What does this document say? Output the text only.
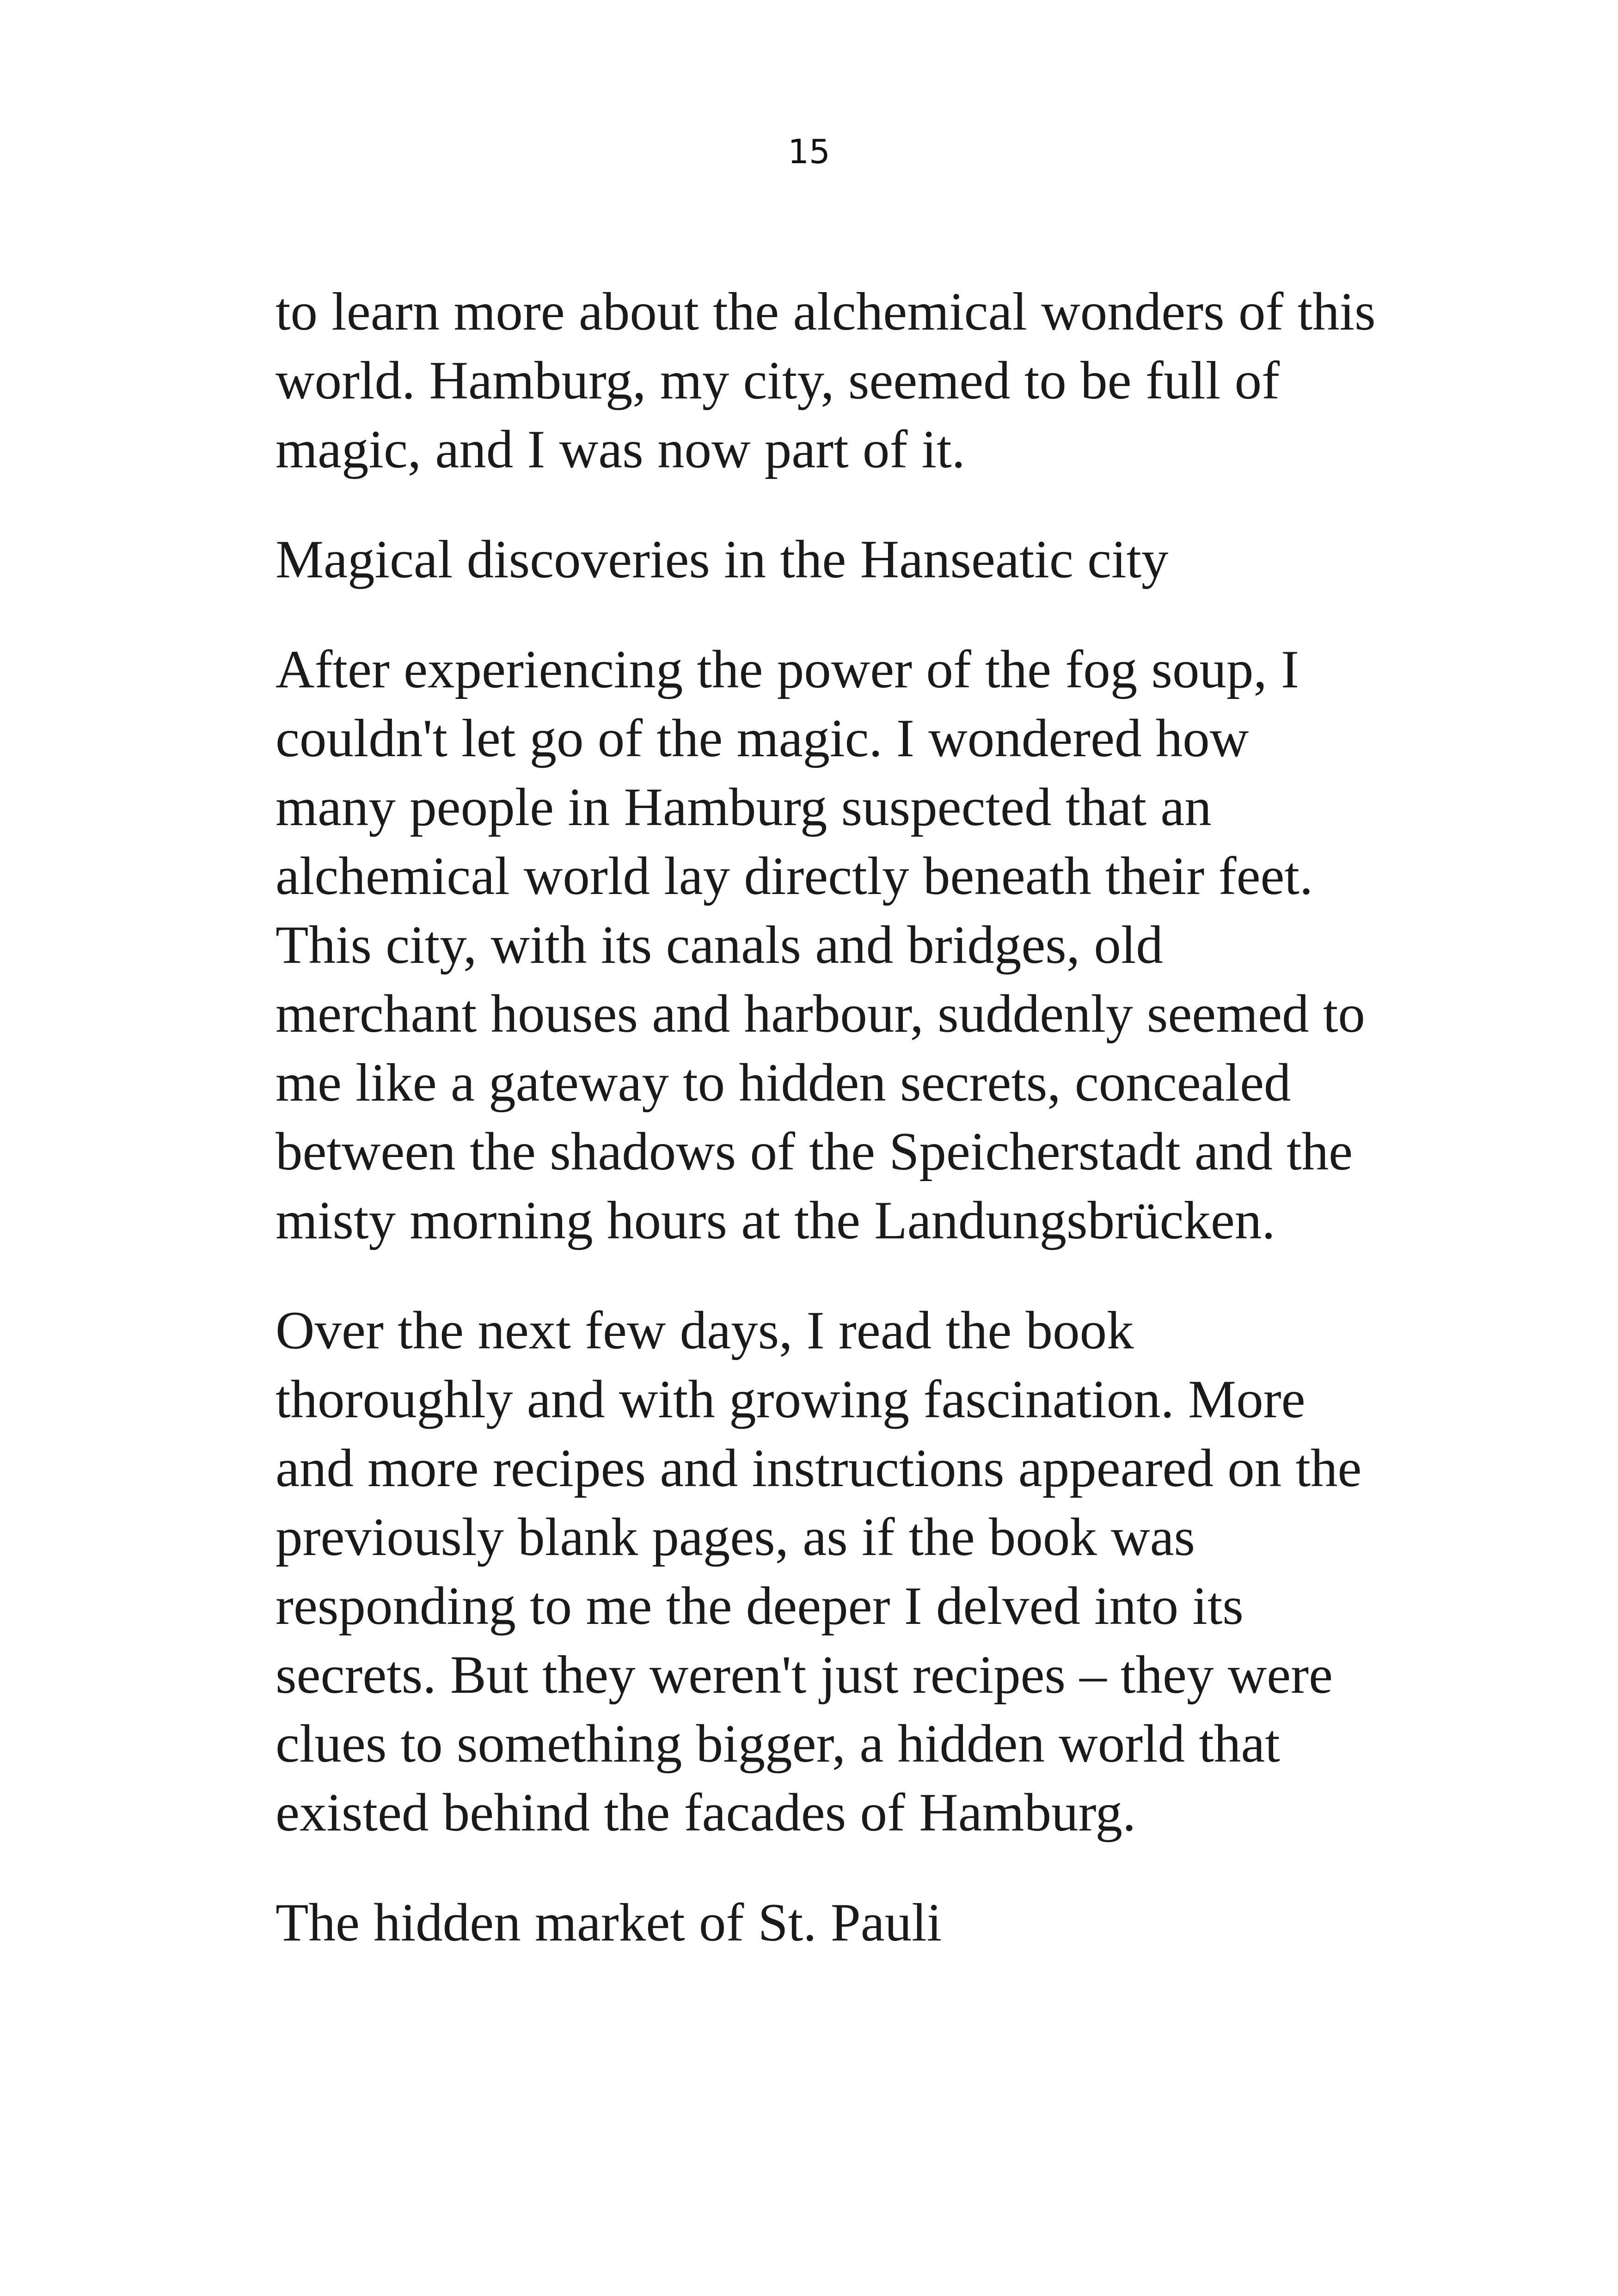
15

to learn more about the alchemical wonders of this world. Hamburg, my city, seemed to be full of magic, and I was now part of it.

Magical discoveries in the Hanseatic city

After experiencing the power of the fog soup, I couldn't let go of the magic. I wondered how many people in Hamburg suspected that an alchemical world lay directly beneath their feet. This city, with its canals and bridges, old merchant houses and harbour, suddenly seemed to me like a gateway to hidden secrets, concealed between the shadows of the Speicherstadt and the misty morning hours at the Landungsbrücken.

Over the next few days, I read the book thoroughly and with growing fascination. More and more recipes and instructions appeared on the previously blank pages, as if the book was responding to me the deeper I delved into its secrets. But they weren't just recipes – they were clues to something bigger, a hidden world that existed behind the facades of Hamburg.

The hidden market of St. Pauli
